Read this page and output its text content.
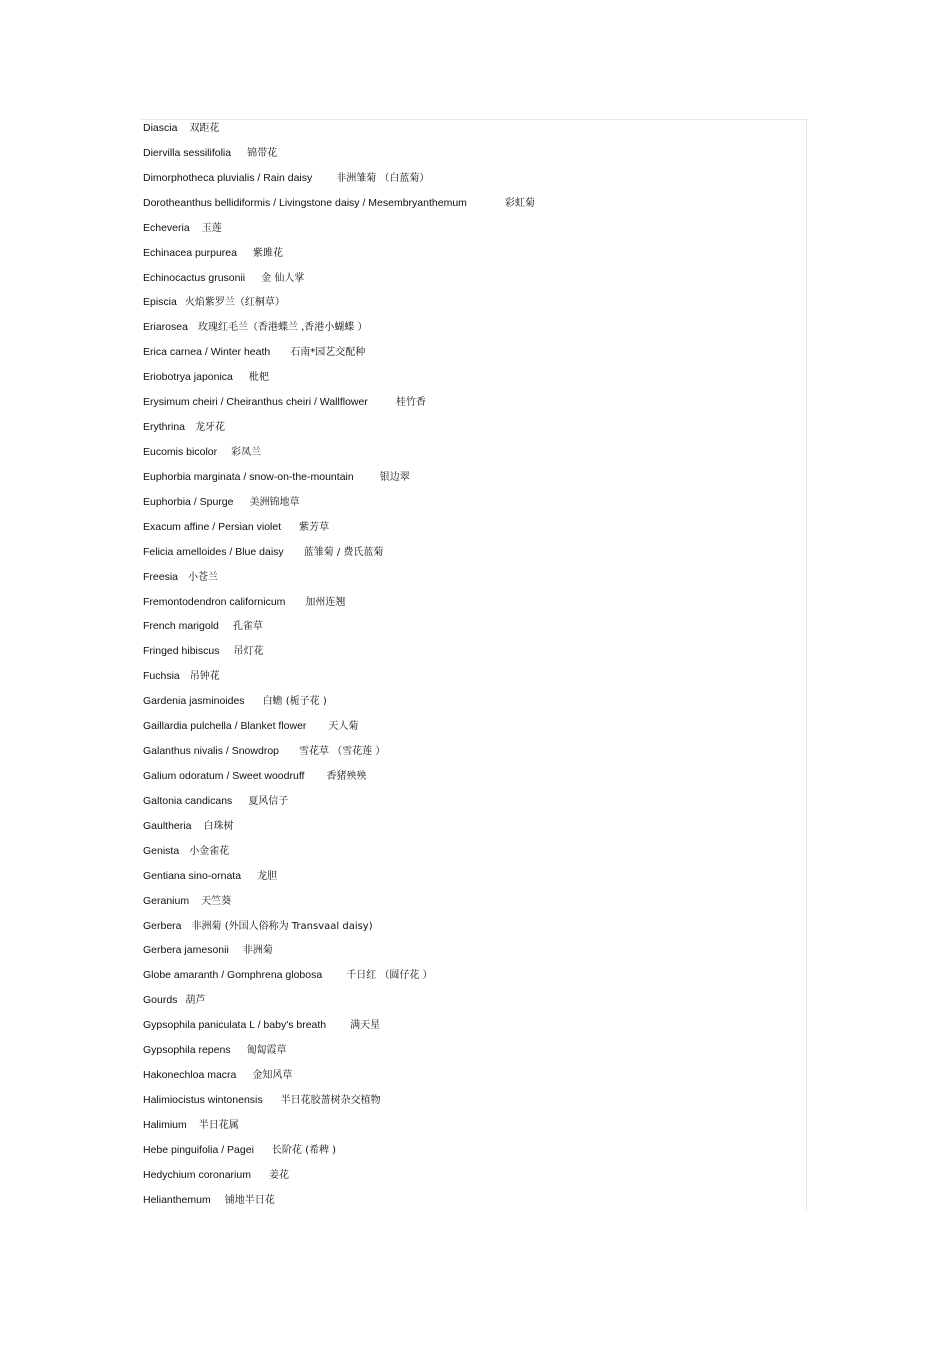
Diascia 双距花
Diervilla sessilifolia 锦带花
Dimorphotheca pluvialis / Rain daisy 非洲雏菊 （白蓝菊）
Dorotheanthus bellidiformis / Livingstone daisy / Mesembryanthemum	彩虹菊
Echeveria 玉莲
Echinacea purpurea 紫雎花
Echinocactus grusonii 金 仙人掌
Episcia 火焰紫罗兰（红桐草）
Eriarosea 玫瑰红毛兰（香港蝶兰 ,香港小蝴蝶 ）
Erica carnea / Winter heath 石南*园艺交配种
Eriobotrya japonica 枇杷
Erysimum cheiri / Cheiranthus cheiri / Wallflower	桂竹香
Erythrina 龙牙花
Eucomis bicolor 彩凤兰
Euphorbia marginata / snow-on-the-mountain	银边翠
Euphorbia / Spurge 美洲锦地草
Exacum affine / Persian violet 紫芳草
Felicia amelloides / Blue daisy 蓝雏菊 / 费氏蓝菊
Freesia 小苍兰
Fremontodendron californicum 加州连翘
French marigold 孔雀草
Fringed hibiscus 吊灯花
Fuchsia 吊钟花
Gardenia jasminoides 白蟾 (栀子花 )
Gaillardia pulchella / Blanket flower 天人菊
Galanthus nivalis / Snowdrop 雪花草 （雪花莲 ）
Galium odoratum / Sweet woodruff 香猪殃殃
Galtonia candicans 夏风信子
Gaultheria 白珠树
Genista 小金雀花
Gentiana sino-ornata 龙胆
Geranium 天竺葵
Gerbera 非洲菊 (外国人俗称为 Transvaal daisy)
Gerbera jamesonii 非洲菊
Globe amaranth / Gomphrena globosa 千日红 （圆仔花 ）
Gourds 葫芦
Gypsophila paniculata L / baby's breath 满天星
Gypsophila repens 匍匐霞草
Hakonechloa macra 金知风草
Halimiocistus wintonensis 半日花胶蔷树杂交植物
Halimium 半日花属
Hebe pinguifolia / Pagei 长阶花 (希稗 )
Hedychium coronarium 姜花
Helianthemum 铺地半日花
